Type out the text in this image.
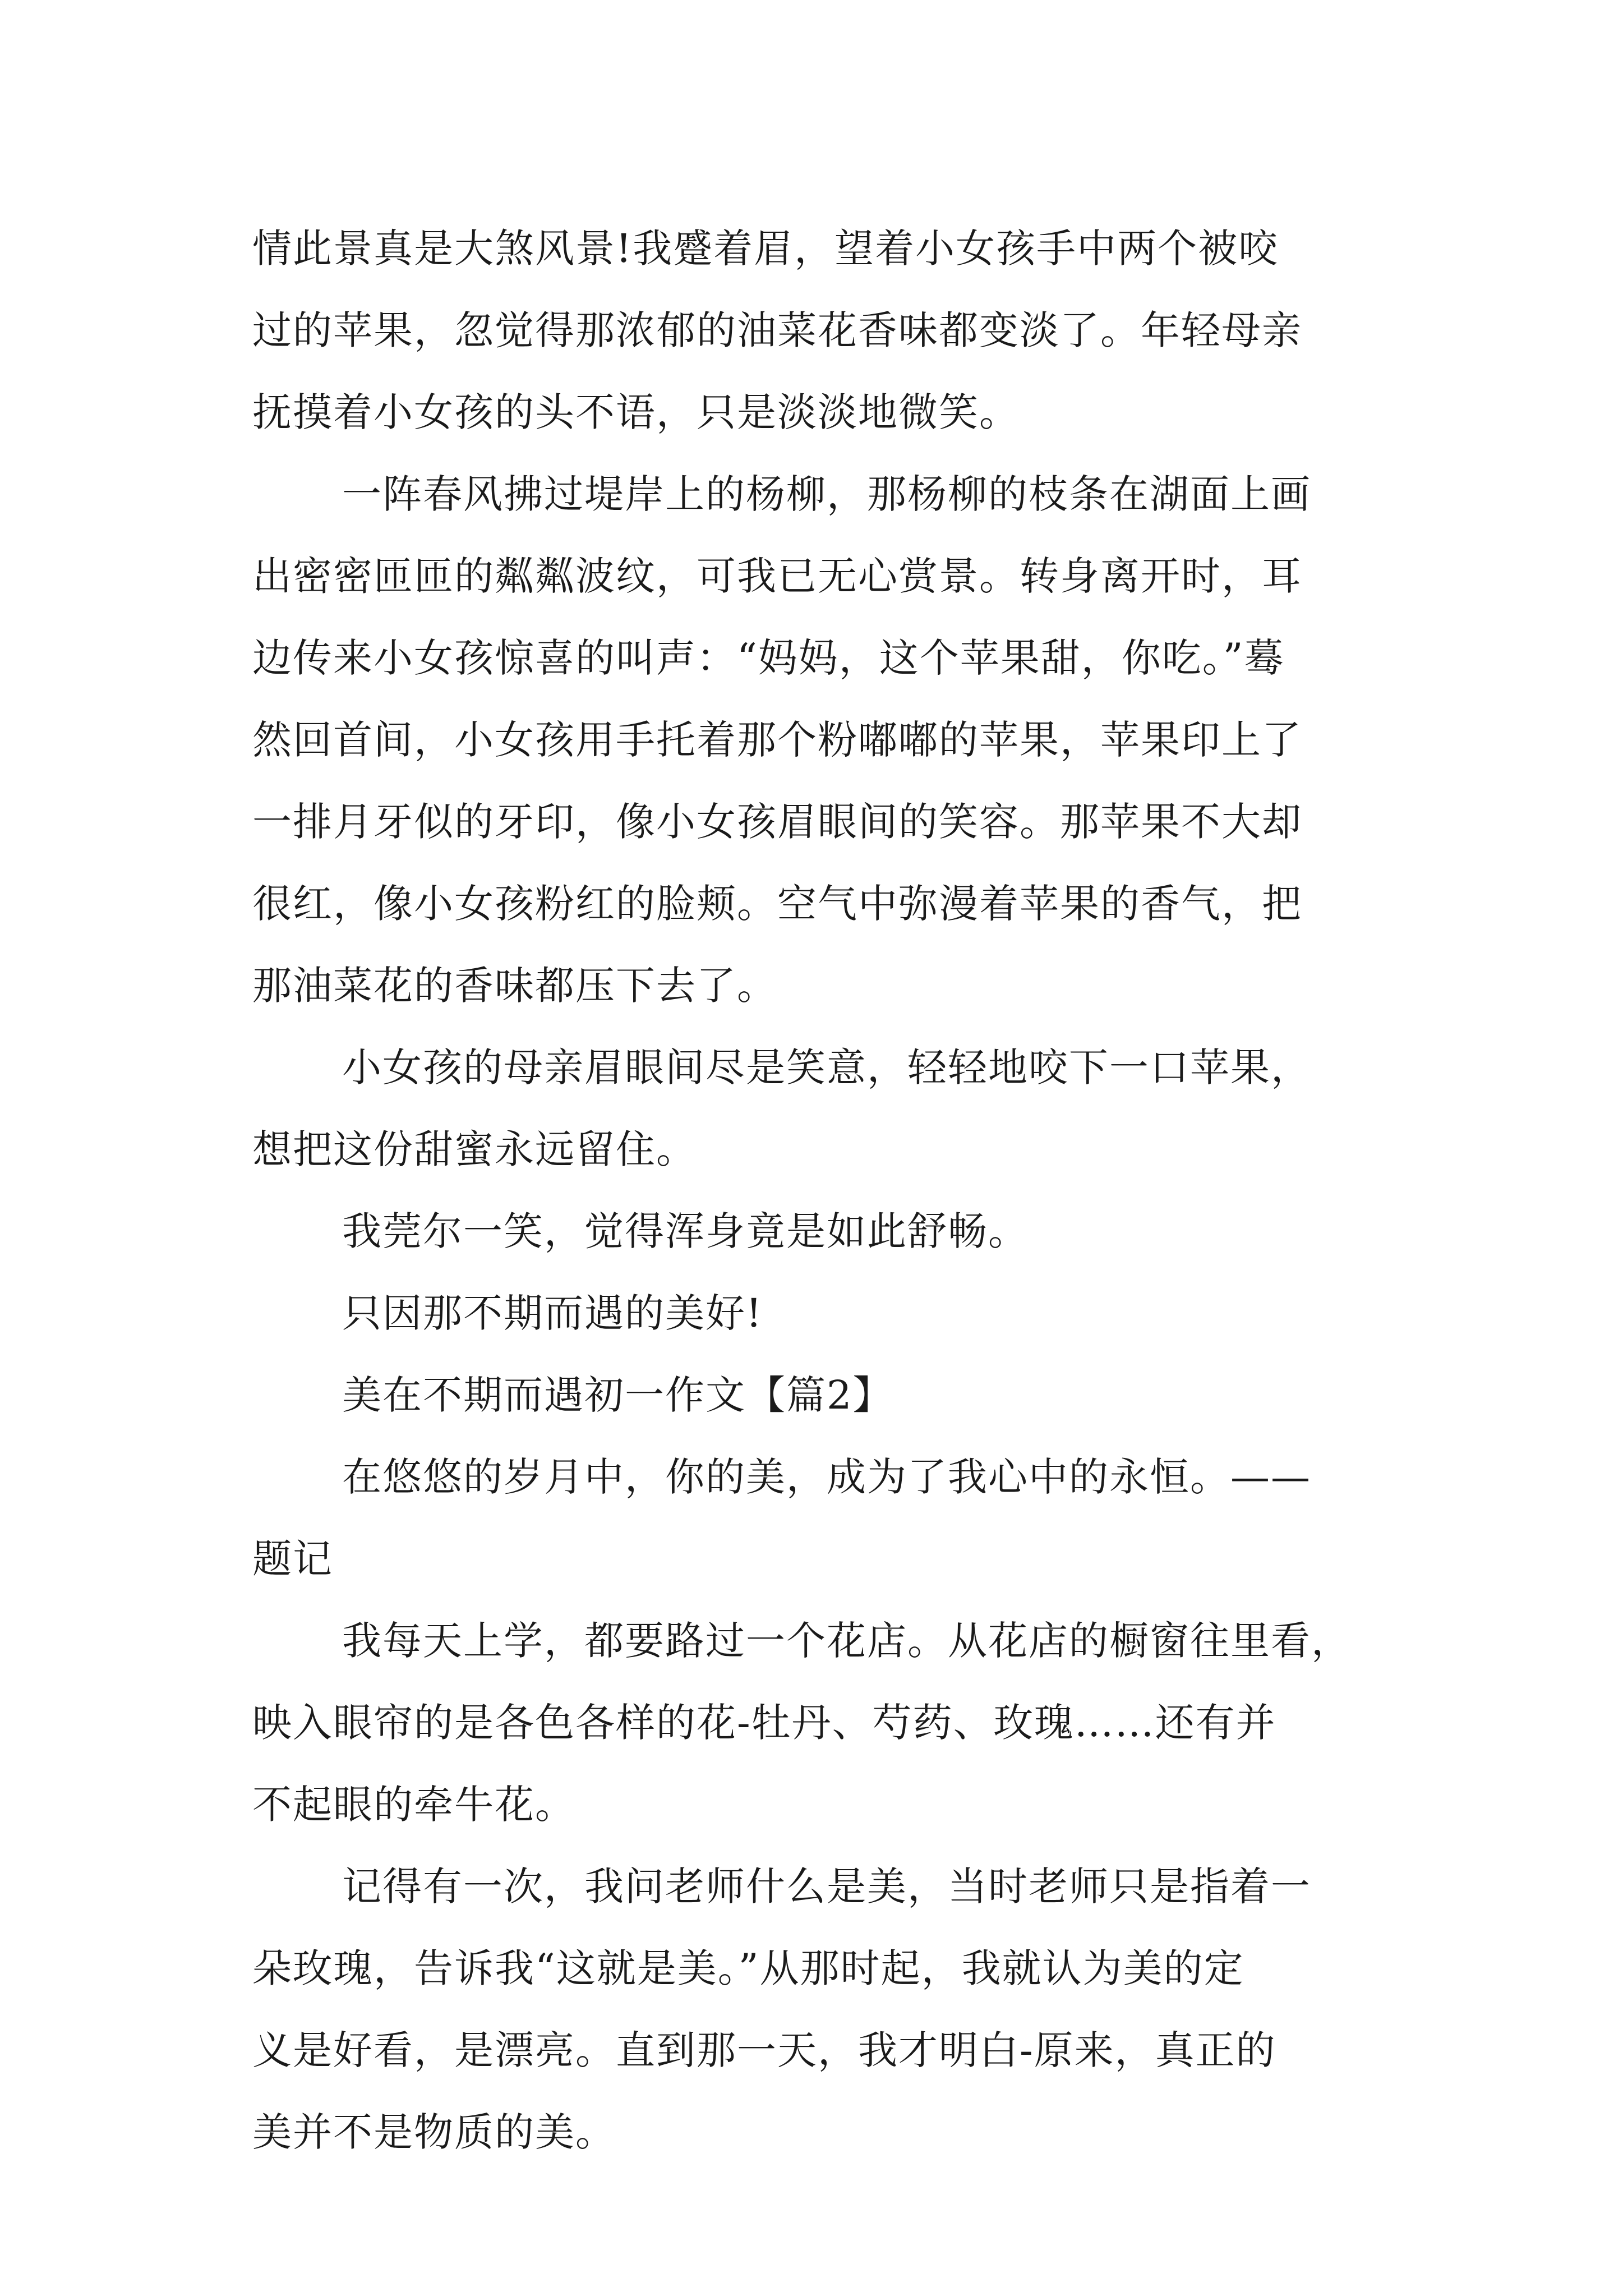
情此景真是大煞风景!我蹙着眉，望着小女孩手中两个被咬
过的苹果，忽觉得那浓郁的油菜花香味都变淡了。年轻母亲
抚摸着小女孩的头不语，只是淡淡地微笑。

一阵春风拂过堤岸上的杨柳，那杨柳的枝条在湖面上画
出密密匝匝的粼粼波纹，可我已无心赏景。转身离开时，耳
边传来小女孩惊喜的叫声：“妈妈，这个苹果甜，你吃。”蓦
然回首间，小女孩用手托着那个粉嘟嘟的苹果，苹果印上了
一排月牙似的牙印，像小女孩眉眼间的笑容。那苹果不大却
很红，像小女孩粉红的脸颊。空气中弥漫着苹果的香气，把
那油菜花的香味都压下去了。

小女孩的母亲眉眼间尽是笑意，轻轻地咬下一口苹果，
想把这份甜蜜永远留住。

我莞尔一笑，觉得浑身竟是如此舒畅。

只因那不期而遇的美好!

美在不期而遇初一作文【篇2】

在悠悠的岁月中，你的美，成为了我心中的永恒。——
题记

我每天上学，都要路过一个花店。从花店的橱窗往里看，
映入眼帘的是各色各样的花-牡丹、芍药、玫瑰……还有并
不起眼的牵牛花。

记得有一次，我问老师什么是美，当时老师只是指着一
朵玫瑰，告诉我“这就是美。”从那时起，我就认为美的定
义是好看，是漂亮。直到那一天，我才明白-原来，真正的
美并不是物质的美。
